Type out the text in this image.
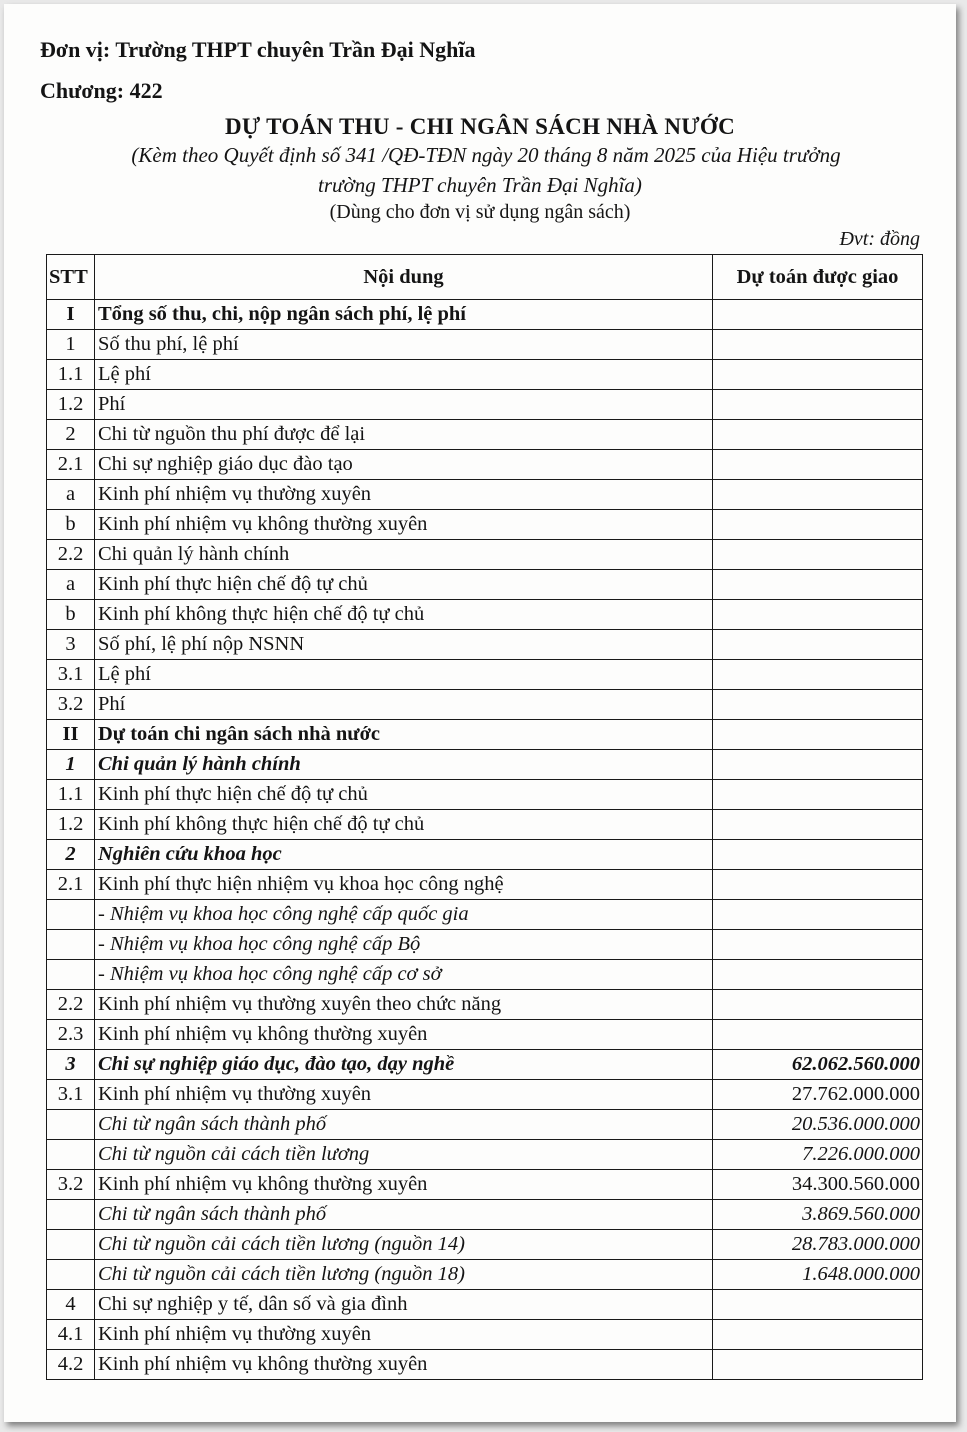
Đơn vị: Trường THPT chuyên Trần Đại Nghĩa
Chương: 422
DỰ TOÁN THU - CHI NGÂN SÁCH NHÀ NƯỚC
(Kèm theo Quyết định số 341 /QĐ-TĐN ngày 20 tháng 8 năm 2025 của Hiệu trưởng
trường THPT chuyên Trần Đại Nghĩa)
(Dùng cho đơn vị sử dụng ngân sách)
Đvt: đồng
STT	Nội dung	Dự toán được giao
I	Tổng số thu, chi, nộp ngân sách phí, lệ phí	
1	Số thu phí, lệ phí	
1.1	Lệ phí	
1.2	Phí	
2	Chi từ nguồn thu phí được để lại	
2.1	Chi sự nghiệp giáo dục đào tạo	
a	Kinh phí nhiệm vụ thường xuyên	
b	Kinh phí nhiệm vụ không thường xuyên	
2.2	Chi quản lý hành chính	
a	Kinh phí thực hiện chế độ tự chủ	
b	Kinh phí không thực hiện chế độ tự chủ	
3	Số phí, lệ phí nộp NSNN	
3.1	Lệ phí	
3.2	Phí	
II	Dự toán chi ngân sách nhà nước	
1	Chi quản lý hành chính	
1.1	Kinh phí thực hiện chế độ tự chủ	
1.2	Kinh phí không thực hiện chế độ tự chủ	
2	Nghiên cứu khoa học	
2.1	Kinh phí thực hiện nhiệm vụ khoa học công nghệ	
	- Nhiệm vụ khoa học công nghệ cấp quốc gia	
	- Nhiệm vụ khoa học công nghệ cấp Bộ	
	- Nhiệm vụ khoa học công nghệ cấp cơ sở	
2.2	Kinh phí nhiệm vụ thường xuyên theo chức năng	
2.3	Kinh phí nhiệm vụ không thường xuyên	
3	Chi sự nghiệp giáo dục, đào tạo, dạy nghề	62.062.560.000
3.1	Kinh phí nhiệm vụ thường xuyên	27.762.000.000
	Chi từ ngân sách thành phố	20.536.000.000
	Chi từ nguồn cải cách tiền lương	7.226.000.000
3.2	Kinh phí nhiệm vụ không thường xuyên	34.300.560.000
	Chi từ ngân sách thành phố	3.869.560.000
	Chi từ nguồn cải cách tiền lương (nguồn 14)	28.783.000.000
	Chi từ nguồn cải cách tiền lương (nguồn 18)	1.648.000.000
4	Chi sự nghiệp y tế, dân số và gia đình	
4.1	Kinh phí nhiệm vụ thường xuyên	
4.2	Kinh phí nhiệm vụ không thường xuyên	
